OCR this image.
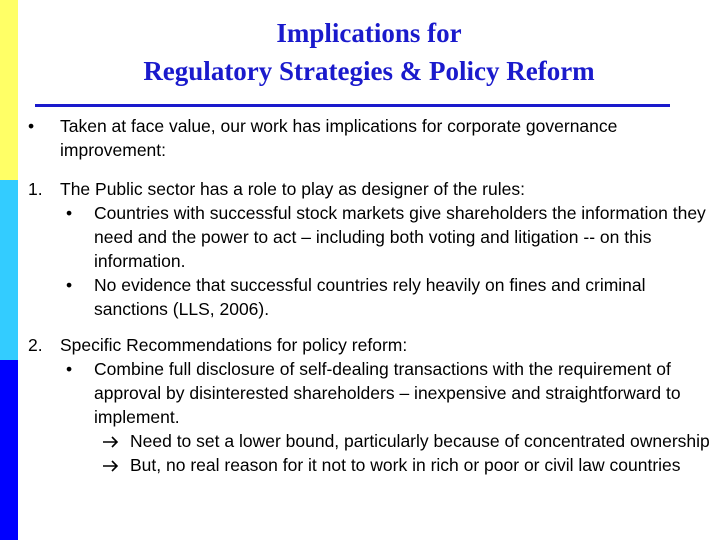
Implications for
Regulatory Strategies & Policy Reform
• Taken at face value, our work has implications for corporate governance improvement:
1. The Public sector has a role to play as designer of the rules:
• Countries with successful stock markets give shareholders the information they need and the power to act – including both voting and litigation -- on this information.
• No evidence that successful countries rely heavily on fines and criminal sanctions (LLS, 2006).
2. Specific Recommendations for policy reform:
• Combine full disclosure of self-dealing transactions with the requirement of approval by disinterested shareholders – inexpensive and straightforward to implement.
Need to set a lower bound, particularly because of concentrated ownership
But, no real reason for it not to work in rich or poor or civil law countries
